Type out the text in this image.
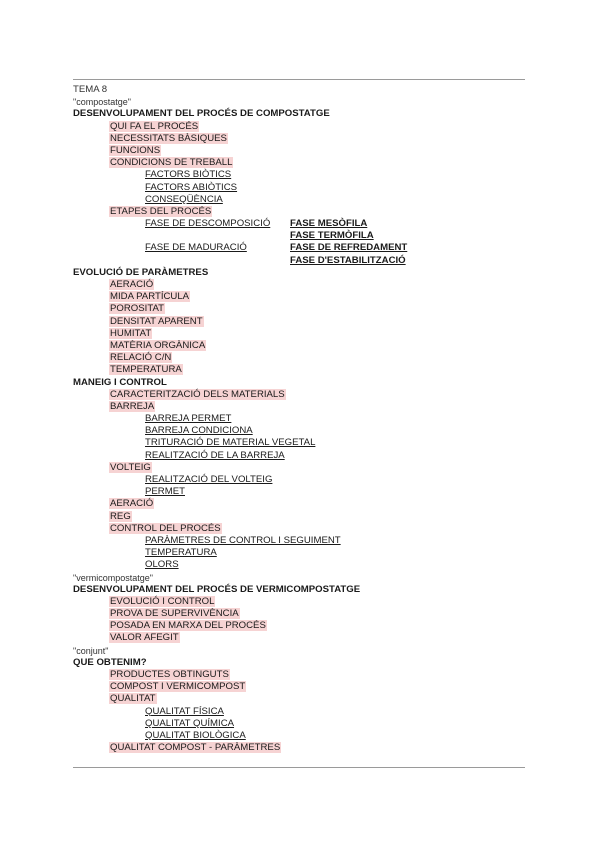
TEMA 8
"compostatge"
DESENVOLUPAMENT DEL PROCÉS DE COMPOSTATGE
QUI FA EL PROCÉS
NECESSITATS BÀSIQUES
FUNCIONS
CONDICIONS DE TREBALL
FACTORS BIÒTICS
FACTORS ABIÒTICS
CONSEQÜÈNCIA
ETAPES DEL PROCÉS
FASE DE DESCOMPOSICIÓ FASE MESÒFILA
FASE TERMÒFILA
FASE DE MADURACIÓ	FASE DE REFREDAMENT
FASE D'ESTABILITZACIÓ
EVOLUCIÓ DE PARÀMETRES
AERACIÓ
MIDA PARTÍCULA
POROSITAT
DENSITAT APARENT
HUMITAT
MATÈRIA ORGÀNICA
RELACIÓ C/N
TEMPERATURA
MANEIG I CONTROL
CARACTERITZACIÓ DELS MATERIALS
BARREJA
BARREJA PERMET
BARREJA CONDICIONA
TRITURACIÓ DE MATERIAL VEGETAL
REALITZACIÓ DE LA BARREJA
VOLTEIG
REALITZACIÓ DEL VOLTEIG
PERMET
AERACIÓ
REG
CONTROL DEL PROCÉS
PARÀMETRES DE CONTROL I SEGUIMENT
TEMPERATURA
OLORS
"vermicompostatge"
DESENVOLUPAMENT DEL PROCÉS DE VERMICOMPOSTATGE
EVOLUCIÓ I CONTROL
PROVA DE SUPERVIVÈNCIA
POSADA EN MARXA DEL PROCÉS
VALOR AFEGIT
"conjunt"
QUE OBTENIM?
PRODUCTES OBTINGUTS
COMPOST I VERMICOMPOST
QUALITAT
QUALITAT FÍSICA
QUALITAT QUÍMICA
QUALITAT BIOLÒGICA
QUALITAT COMPOST - PARÀMETRES
